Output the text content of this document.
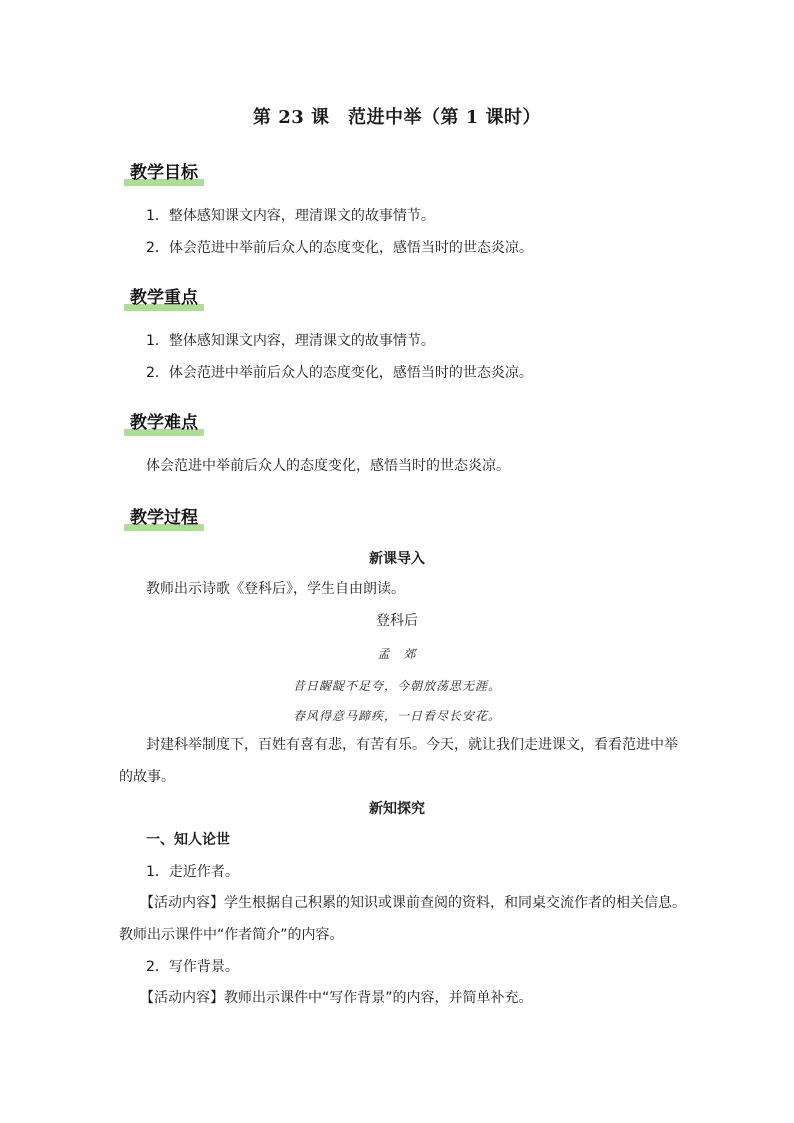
第 23 课　范进中举（第 1 课时）
教学目标
1．整体感知课文内容，理清课文的故事情节。
2．体会范进中举前后众人的态度变化，感悟当时的世态炎凉。
教学重点
1．整体感知课文内容，理清课文的故事情节。
2．体会范进中举前后众人的态度变化，感悟当时的世态炎凉。
教学难点
体会范进中举前后众人的态度变化，感悟当时的世态炎凉。
教学过程
新课导入
教师出示诗歌《登科后》，学生自由朗读。
登科后
孟　郊
昔日龌龊不足夸，今朝放荡思无涯。
春风得意马蹄疾，一日看尽长安花。
封建科举制度下，百姓有喜有悲，有苦有乐。今天，就让我们走进课文，看看范进中举
的故事。
新知探究
一、知人论世
1．走近作者。
【活动内容】学生根据自己积累的知识或课前查阅的资料，和同桌交流作者的相关信息。
教师出示课件中“作者简介”的内容。
2．写作背景。
【活动内容】教师出示课件中“写作背景”的内容，并简单补充。
